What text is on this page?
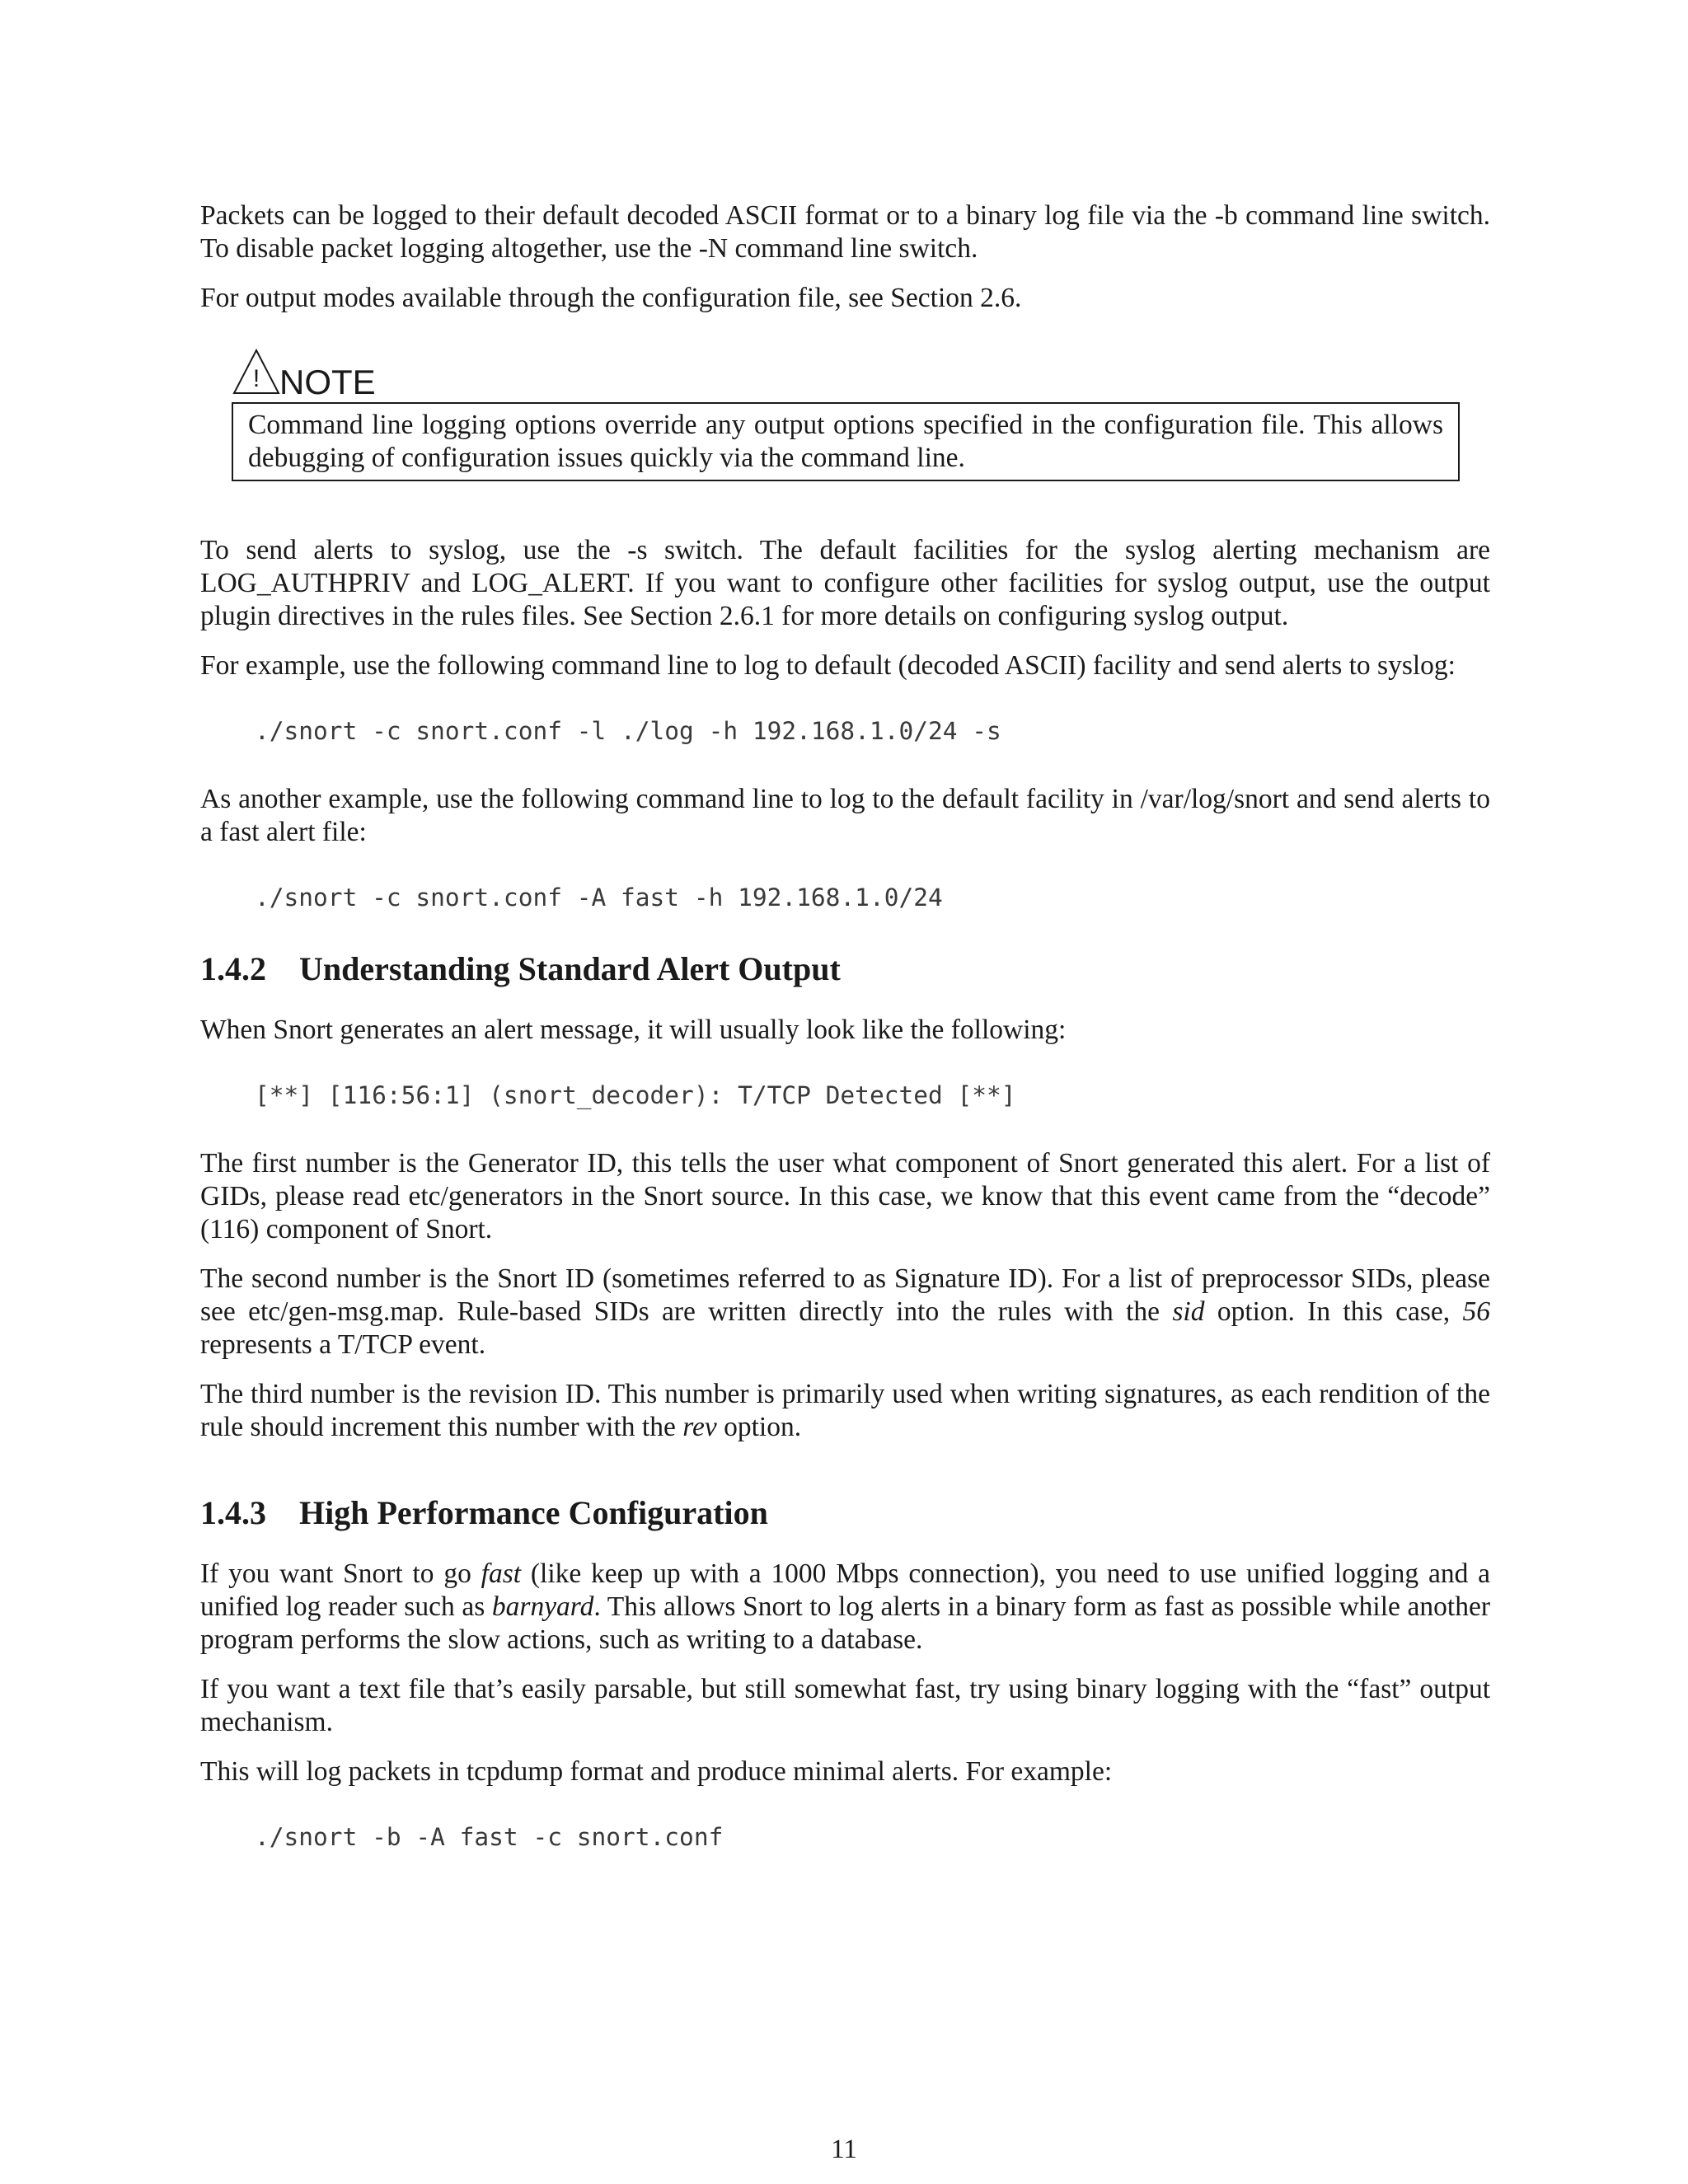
Packets can be logged to their default decoded ASCII format or to a binary log file via the -b command line switch. To disable packet logging altogether, use the -N command line switch.

For output modes available through the configuration file, see Section 2.6.

! NOTE

Command line logging options override any output options specified in the configuration file. This allows debugging of configuration issues quickly via the command line.

To send alerts to syslog, use the -s switch. The default facilities for the syslog alerting mechanism are LOG_AUTHPRIV and LOG_ALERT. If you want to configure other facilities for syslog output, use the output plugin directives in the rules files. See Section 2.6.1 for more details on configuring syslog output.

For example, use the following command line to log to default (decoded ASCII) facility and send alerts to syslog:

./snort -c snort.conf -l ./log -h 192.168.1.0/24 -s

As another example, use the following command line to log to the default facility in /var/log/snort and send alerts to a fast alert file:

./snort -c snort.conf -A fast -h 192.168.1.0/24
1.4.2 Understanding Standard Alert Output

When Snort generates an alert message, it will usually look like the following:

[**] [116:56:1] (snort_decoder): T/TCP Detected [**]

The first number is the Generator ID, this tells the user what component of Snort generated this alert. For a list of GIDs, please read etc/generators in the Snort source. In this case, we know that this event came from the “decode” (116) component of Snort.

The second number is the Snort ID (sometimes referred to as Signature ID). For a list of preprocessor SIDs, please see etc/gen-msg.map. Rule-based SIDs are written directly into the rules with the sid option. In this case, 56 represents a T/TCP event.

The third number is the revision ID. This number is primarily used when writing signatures, as each rendition of the rule should increment this number with the rev option.

1.4.3 High Performance Configuration

If you want Snort to go fast (like keep up with a 1000 Mbps connection), you need to use unified logging and a unified log reader such as barnyard. This allows Snort to log alerts in a binary form as fast as possible while another program performs the slow actions, such as writing to a database.

If you want a text file that’s easily parsable, but still somewhat fast, try using binary logging with the “fast” output mechanism.

This will log packets in tcpdump format and produce minimal alerts. For example:

./snort -b -A fast -c snort.conf
11
